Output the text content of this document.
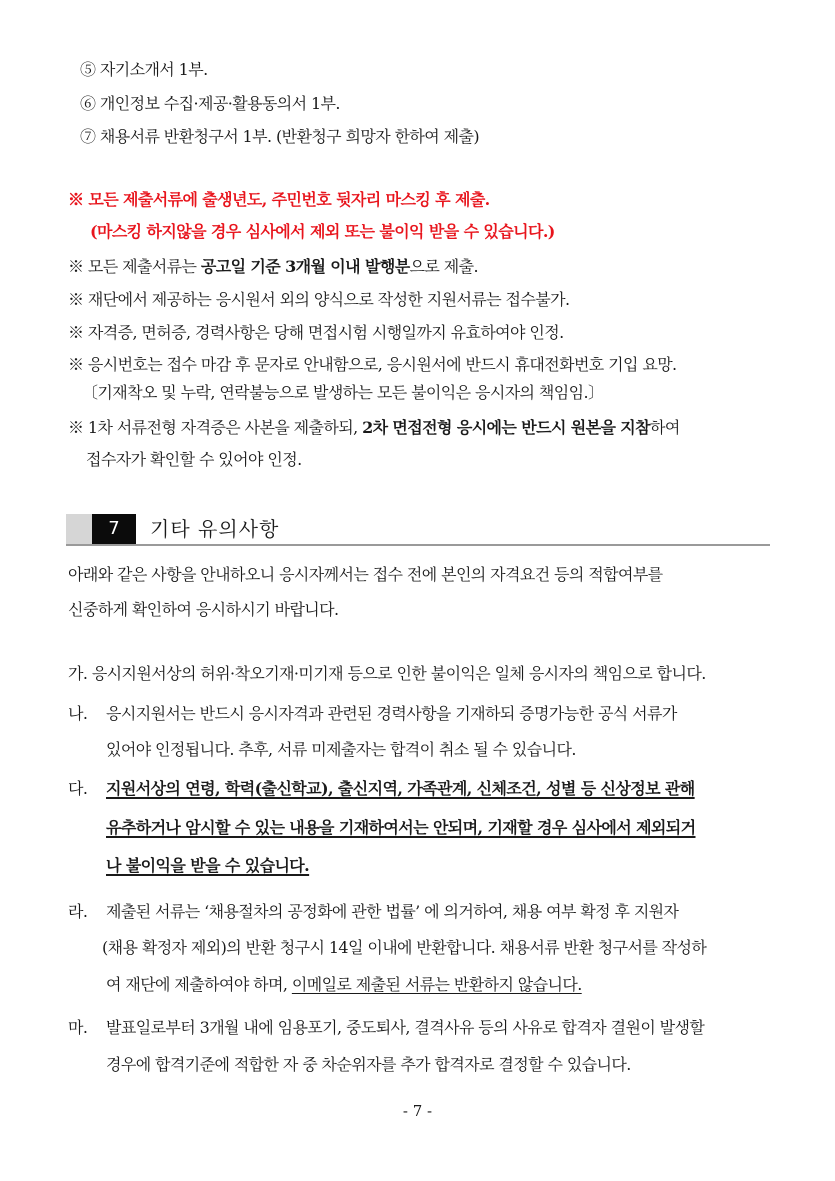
⑤ 자기소개서 1부.
⑥ 개인정보 수집·제공·활용동의서 1부.
⑦ 채용서류 반환청구서 1부. (반환청구 희망자 한하여 제출)
※ 모든 제출서류에 출생년도, 주민번호 뒷자리 마스킹 후 제출.
(마스킹 하지않을 경우 심사에서 제외 또는 불이익 받을 수 있습니다.)
※ 모든 제출서류는 공고일 기준 3개월 이내 발행분으로 제출.
※ 재단에서 제공하는 응시원서 외의 양식으로 작성한 지원서류는 접수불가.
※ 자격증, 면허증, 경력사항은 당해 면접시험 시행일까지 유효하여야 인정.
※ 응시번호는 접수 마감 후 문자로 안내함으로, 응시원서에 반드시 휴대전화번호 기입 요망.
〔기재착오 및 누락, 연락불능으로 발생하는 모든 불이익은 응시자의 책임임.〕
※ 1차 서류전형 자격증은 사본을 제출하되, 2차 면접전형 응시에는 반드시 원본을 지참하여
접수자가 확인할 수 있어야 인정.
7	기타 유의사항
아래와 같은 사항을 안내하오니 응시자께서는 접수 전에 본인의 자격요건 등의 적합여부를
신중하게 확인하여 응시하시기 바랍니다.
가. 응시지원서상의 허위·착오기재·미기재 등으로 인한 불이익은 일체 응시자의 책임으로 합니다.
나. 응시지원서는 반드시 응시자격과 관련된 경력사항을 기재하되 증명가능한 공식 서류가
있어야 인정됩니다. 추후, 서류 미제출자는 합격이 취소 될 수 있습니다.
다. 지원서상의 연령, 학력(출신학교), 출신지역, 가족관계, 신체조건, 성별 등 신상정보 관해
유추하거나 암시할 수 있는 내용을 기재하여서는 안되며, 기재할 경우 심사에서 제외되거
나 불이익을 받을 수 있습니다.
라. 제출된 서류는 ‘채용절차의 공정화에 관한 법률’ 에 의거하여, 채용 여부 확정 후 지원자
(채용 확정자 제외)의 반환 청구시 14일 이내에 반환합니다. 채용서류 반환 청구서를 작성하
여 재단에 제출하여야 하며, 이메일로 제출된 서류는 반환하지 않습니다.
마. 발표일로부터 3개월 내에 임용포기, 중도퇴사, 결격사유 등의 사유로 합격자 결원이 발생할
경우에 합격기준에 적합한 자 중 차순위자를 추가 합격자로 결정할 수 있습니다.
- 7 -
